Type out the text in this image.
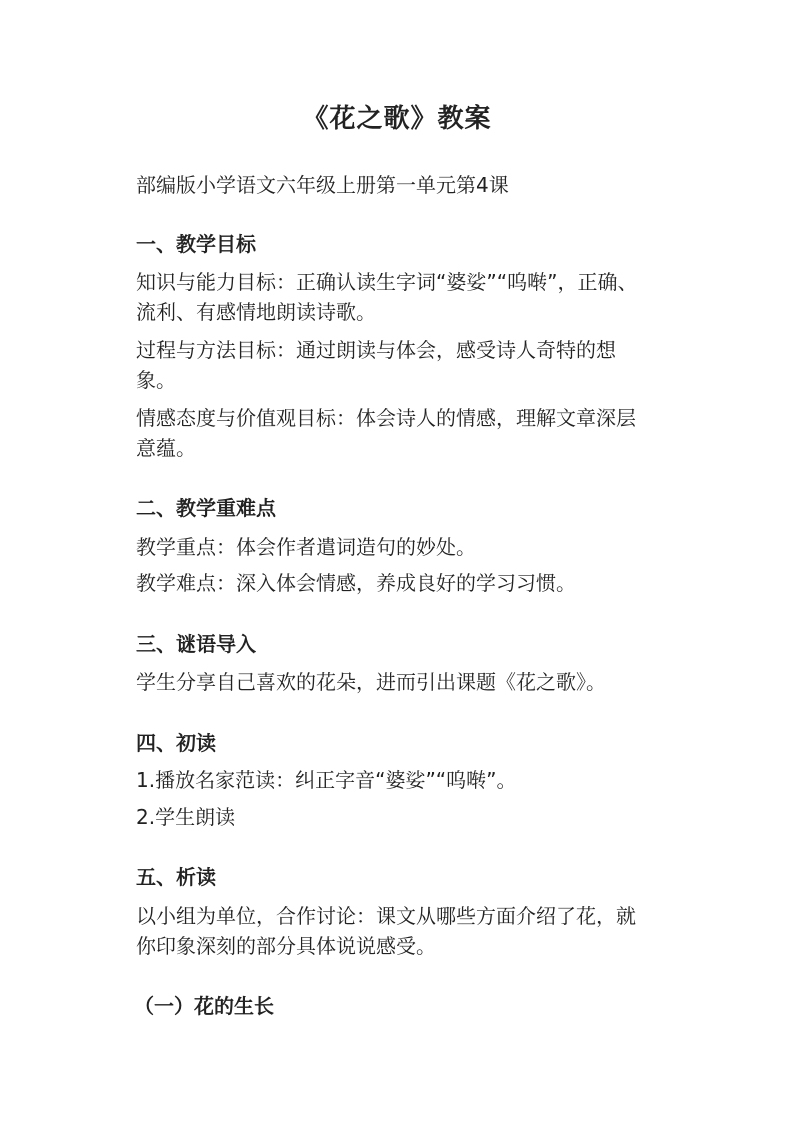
《花之歌》教案
部编版小学语文六年级上册第一单元第4课
一、教学目标
知识与能力目标：正确认读生字词“婆娑”“呜啭”，正确、
流利、有感情地朗读诗歌。
过程与方法目标：通过朗读与体会，感受诗人奇特的想
象。
情感态度与价值观目标：体会诗人的情感，理解文章深层
意蕴。
二、教学重难点
教学重点：体会作者遣词造句的妙处。
教学难点：深入体会情感，养成良好的学习习惯。
三、谜语导入
学生分享自己喜欢的花朵，进而引出课题《花之歌》。
四、初读
1.播放名家范读：纠正字音“婆娑”“呜啭”。
2.学生朗读
五、析读
以小组为单位，合作讨论：课文从哪些方面介绍了花，就
你印象深刻的部分具体说说感受。
（一）花的生长
